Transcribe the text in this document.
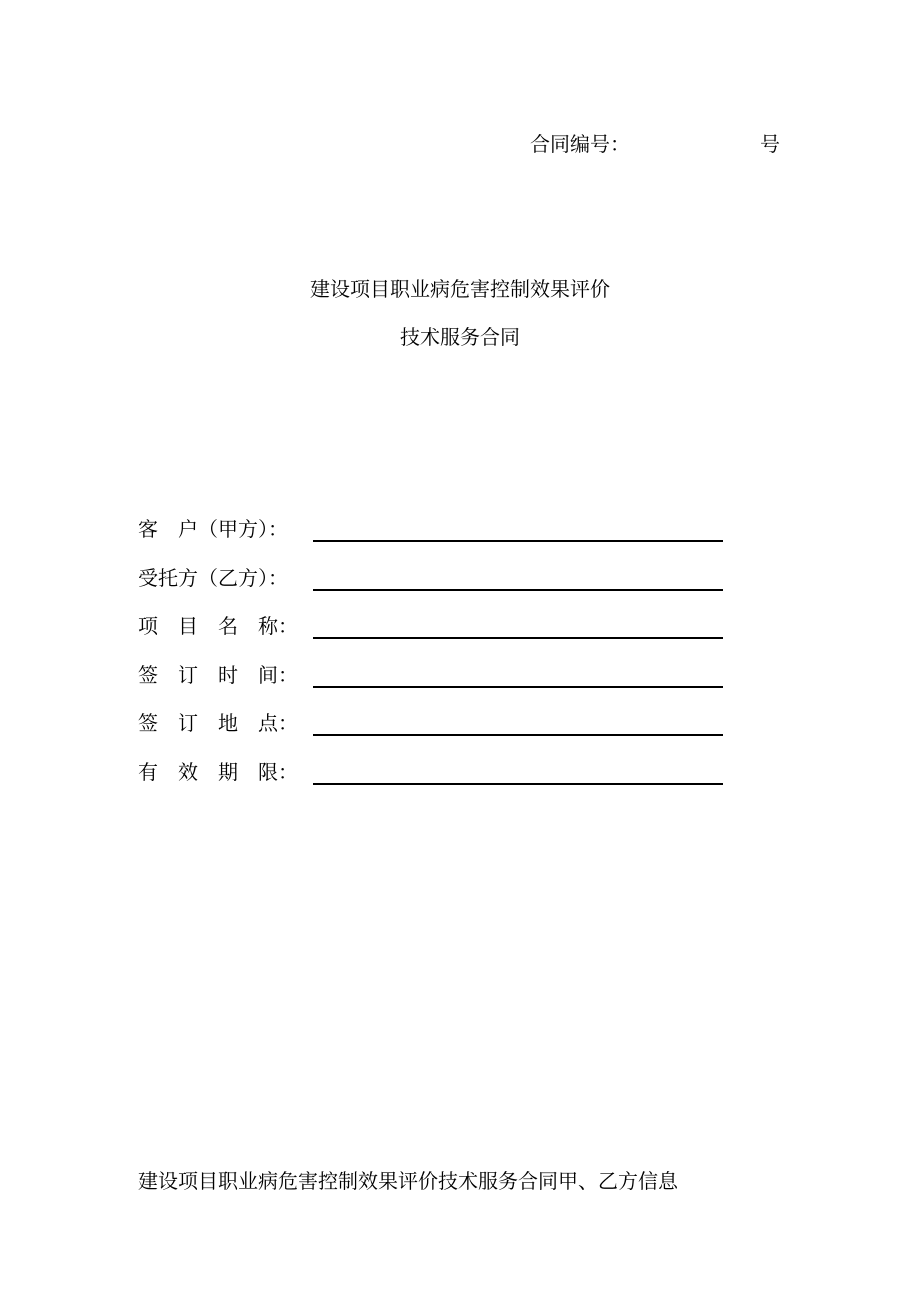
合同编号：	号
建设项目职业病危害控制效果评价
技术服务合同
客　户（甲方）：
受托方（乙方）：
项　目　名　称：
签　订　时　间：
签　订　地　点：
有　效　期　限：
建设项目职业病危害控制效果评价技术服务合同甲、乙方信息
